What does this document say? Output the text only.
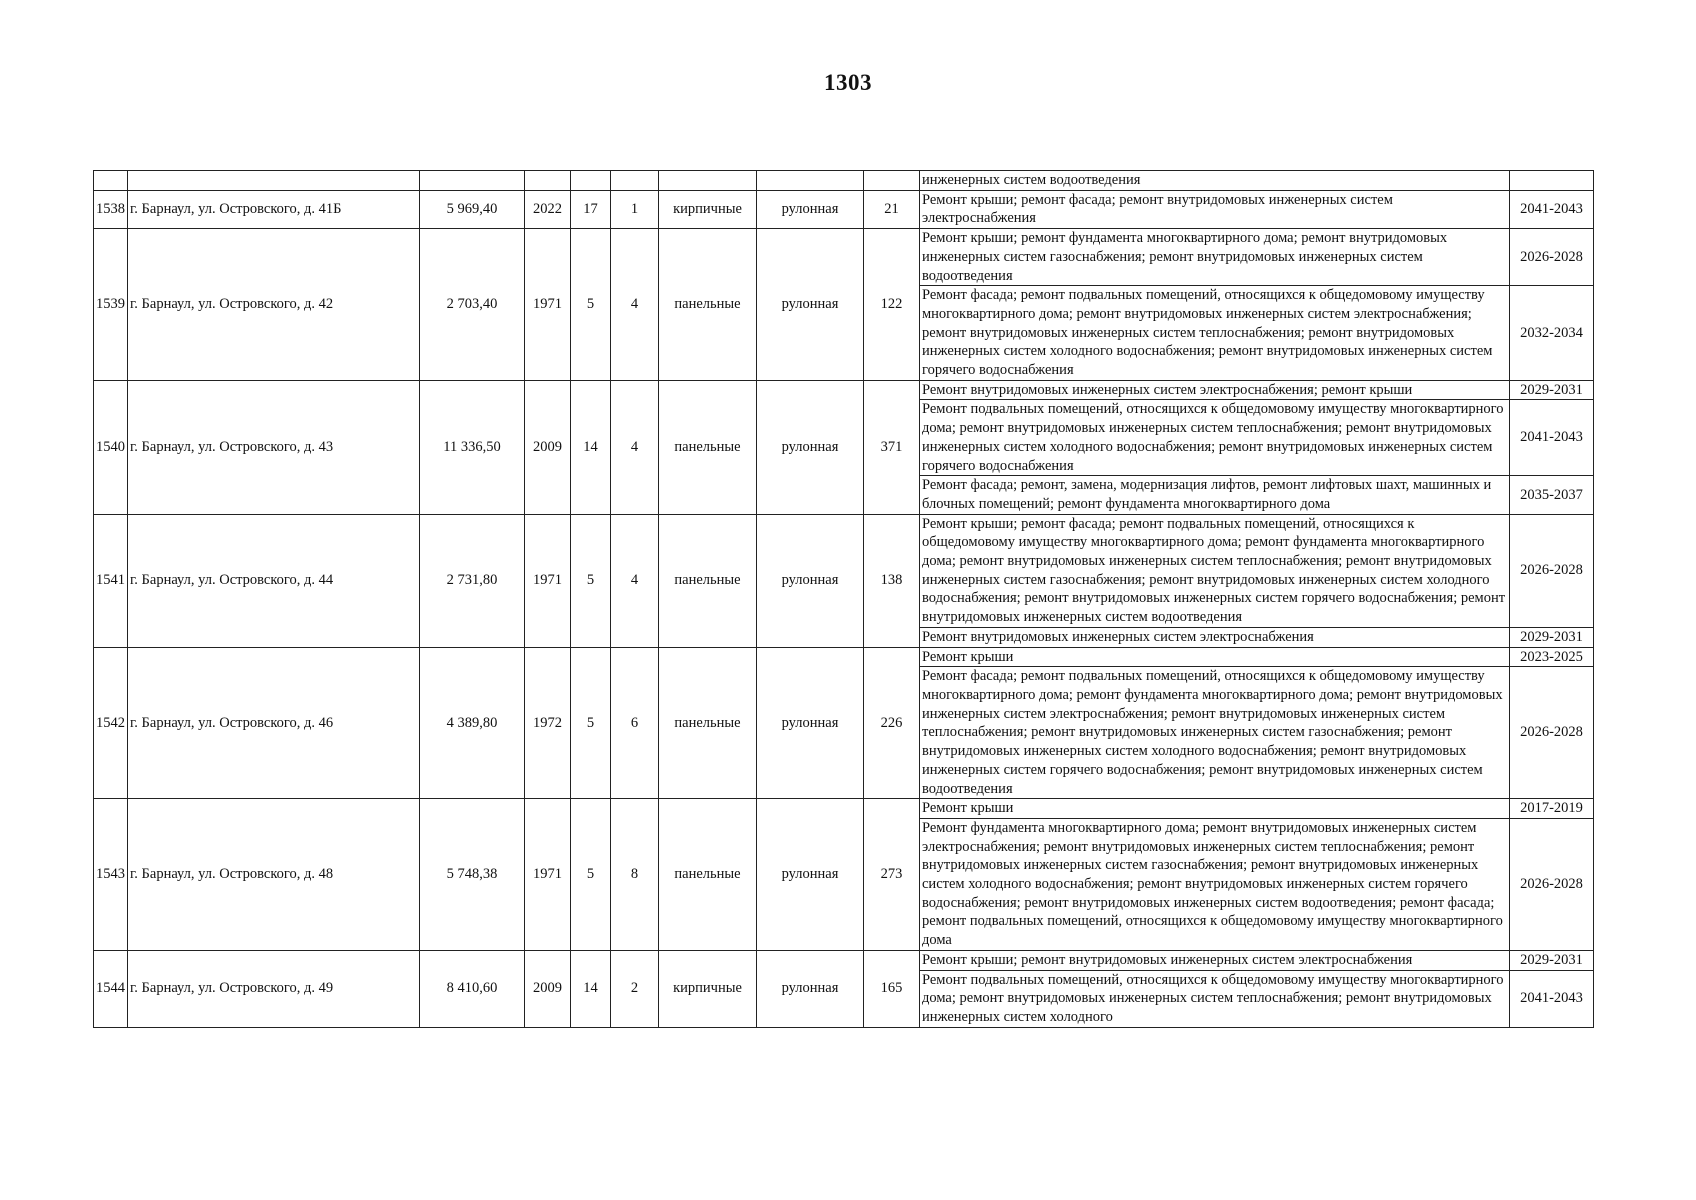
1303
									инженерных систем водоотведения	
1538	г. Барнаул, ул. Островского, д. 41Б	5 969,40	2022	17	1	кирпичные	рулонная	21	Ремонт крыши; ремонт фасада; ремонт внутридомовых инженерных систем электроснабжения	2041-2043
1539	г. Барнаул, ул. Островского, д. 42	2 703,40	1971	5	4	панельные	рулонная	122	Ремонт крыши; ремонт фундамента многоквартирного дома; ремонт внутридомовых инженерных систем газоснабжения; ремонт внутридомовых инженерных систем водоотведения	2026-2028
									Ремонт фасада; ремонт подвальных помещений, относящихся к общедомовому имуществу многоквартирного дома; ремонт внутридомовых инженерных систем электроснабжения; ремонт внутридомовых инженерных систем теплоснабжения; ремонт внутридомовых инженерных систем холодного водоснабжения; ремонт внутридомовых инженерных систем горячего водоснабжения	2032-2034
1540	г. Барнаул, ул. Островского, д. 43	11 336,50	2009	14	4	панельные	рулонная	371	Ремонт внутридомовых инженерных систем электроснабжения; ремонт крыши	2029-2031
									Ремонт подвальных помещений, относящихся к общедомовому имуществу многоквартирного дома; ремонт внутридомовых инженерных систем теплоснабжения; ремонт внутридомовых инженерных систем холодного водоснабжения; ремонт внутридомовых инженерных систем горячего водоснабжения	2041-2043
									Ремонт фасада; ремонт, замена, модернизация лифтов, ремонт лифтовых шахт, машинных и блочных помещений; ремонт фундамента многоквартирного дома	2035-2037
1541	г. Барнаул, ул. Островского, д. 44	2 731,80	1971	5	4	панельные	рулонная	138	Ремонт крыши; ремонт фасада; ремонт подвальных помещений, относящихся к общедомовому имуществу многоквартирного дома; ремонт фундамента многоквартирного дома; ремонт внутридомовых инженерных систем теплоснабжения; ремонт внутридомовых инженерных систем газоснабжения; ремонт внутридомовых инженерных систем холодного водоснабжения; ремонт внутридомовых инженерных систем горячего водоснабжения; ремонт внутридомовых инженерных систем водоотведения	2026-2028
									Ремонт внутридомовых инженерных систем электроснабжения	2029-2031
1542	г. Барнаул, ул. Островского, д. 46	4 389,80	1972	5	6	панельные	рулонная	226	Ремонт крыши	2023-2025
									Ремонт фасада; ремонт подвальных помещений, относящихся к общедомовому имуществу многоквартирного дома; ремонт фундамента многоквартирного дома; ремонт внутридомовых инженерных систем электроснабжения; ремонт внутридомовых инженерных систем теплоснабжения; ремонт внутридомовых инженерных систем газоснабжения; ремонт внутридомовых инженерных систем холодного водоснабжения; ремонт внутридомовых инженерных систем горячего водоснабжения; ремонт внутридомовых инженерных систем водоотведения	2026-2028
1543	г. Барнаул, ул. Островского, д. 48	5 748,38	1971	5	8	панельные	рулонная	273	Ремонт крыши	2017-2019
									Ремонт фундамента многоквартирного дома; ремонт внутридомовых инженерных систем электроснабжения; ремонт внутридомовых инженерных систем теплоснабжения; ремонт внутридомовых инженерных систем газоснабжения; ремонт внутридомовых инженерных систем холодного водоснабжения; ремонт внутридомовых инженерных систем горячего водоснабжения; ремонт внутридомовых инженерных систем водоотведения; ремонт фасада; ремонт подвальных помещений, относящихся к общедомовому имуществу многоквартирного дома	2026-2028
1544	г. Барнаул, ул. Островского, д. 49	8 410,60	2009	14	2	кирпичные	рулонная	165	Ремонт крыши; ремонт внутридомовых инженерных систем электроснабжения	2029-2031
									Ремонт подвальных помещений, относящихся к общедомовому имуществу многоквартирного дома; ремонт внутридомовых инженерных систем теплоснабжения; ремонт внутридомовых инженерных систем холодного	2041-2043
